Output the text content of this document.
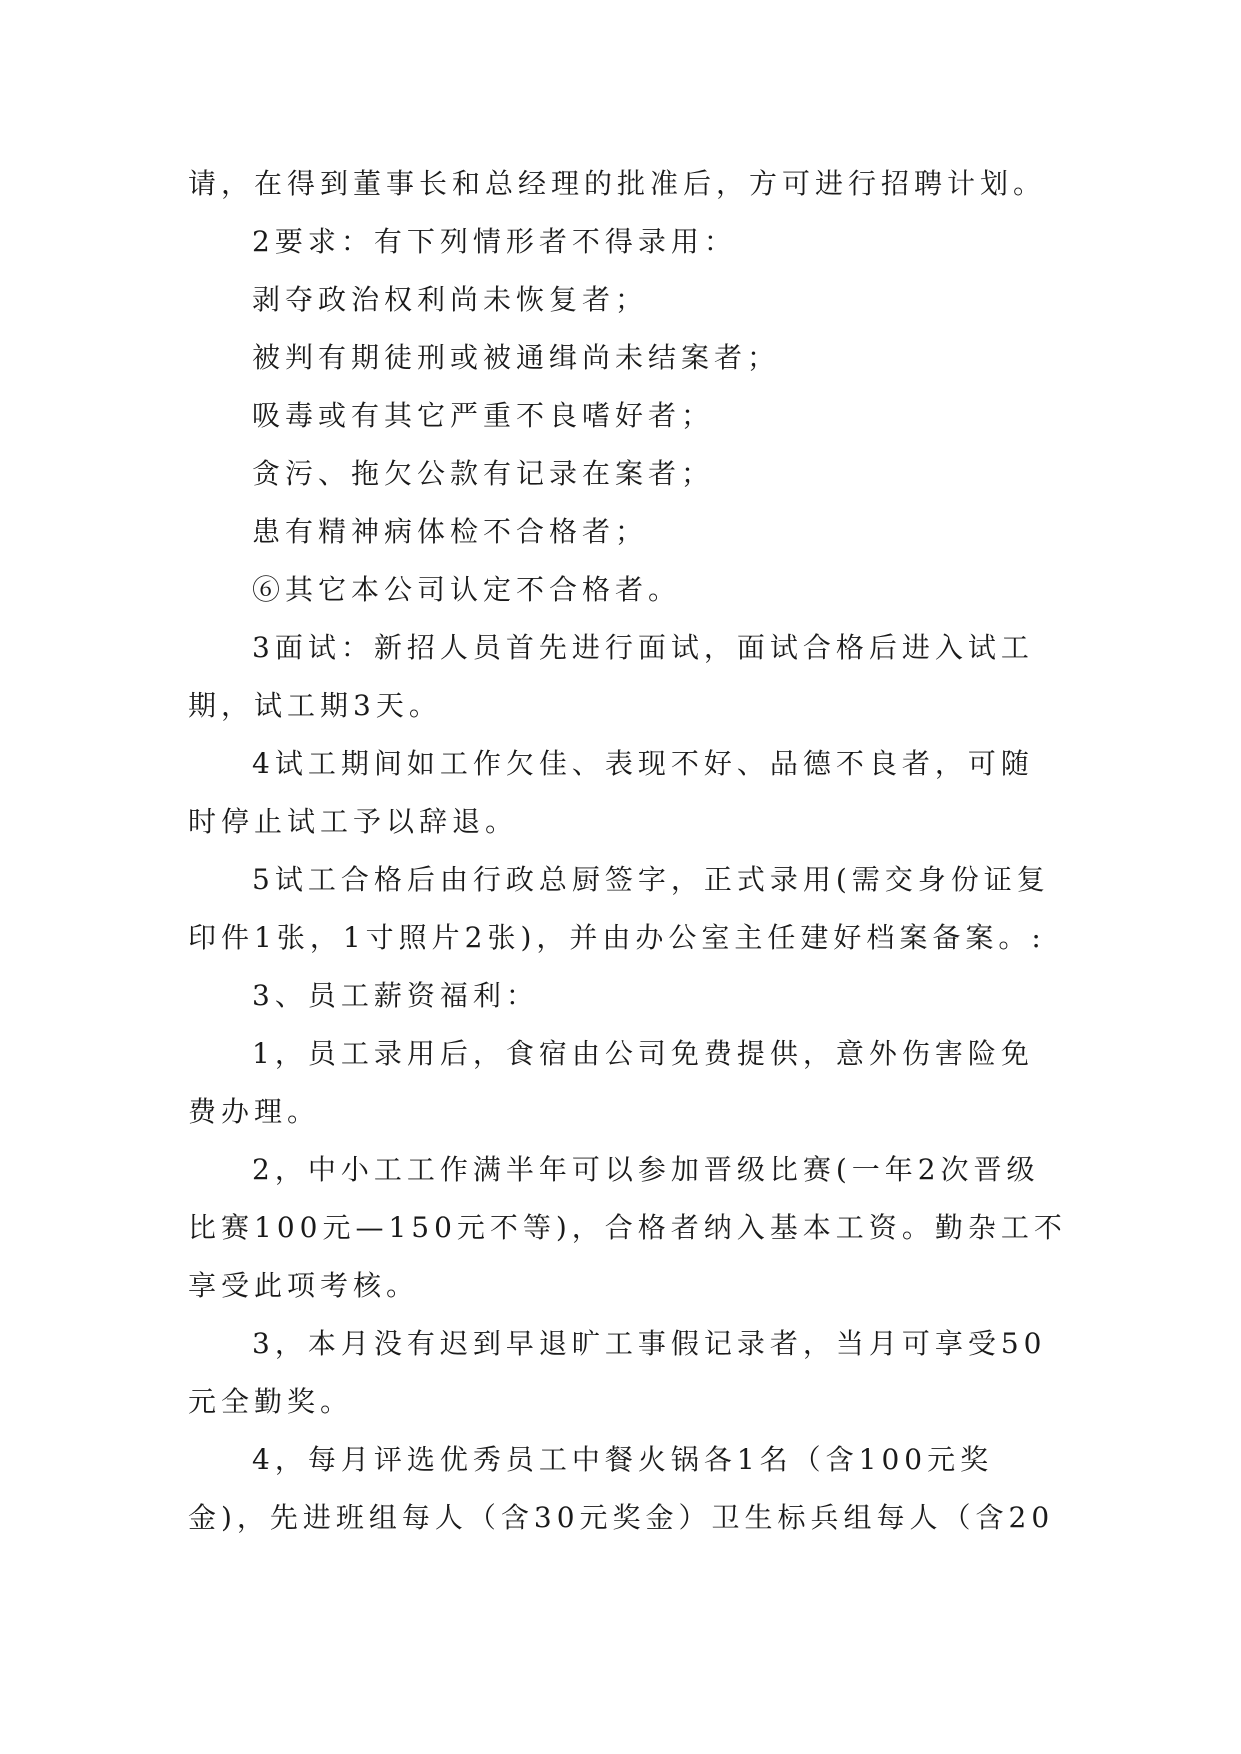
请，在得到董事长和总经理的批准后，方可进行招聘计划。
2要求：有下列情形者不得录用：
剥夺政治权利尚未恢复者；
被判有期徒刑或被通缉尚未结案者；
吸毒或有其它严重不良嗜好者；
贪污、拖欠公款有记录在案者；
患有精神病体检不合格者；
⑥其它本公司认定不合格者。
3面试：新招人员首先进行面试，面试合格后进入试工
期，试工期3天。
4试工期间如工作欠佳、表现不好、品德不良者，可随
时停止试工予以辞退。
5试工合格后由行政总厨签字，正式录用(需交身份证复
印件1张，1寸照片2张)，并由办公室主任建好档案备案。:
3、员工薪资福利：
1，员工录用后，食宿由公司免费提供，意外伤害险免
费办理。
2，中小工工作满半年可以参加晋级比赛(一年2次晋级
比赛100元—150元不等)，合格者纳入基本工资。勤杂工不
享受此项考核。
3，本月没有迟到早退旷工事假记录者，当月可享受50
元全勤奖。
4，每月评选优秀员工中餐火锅各1名（含100元奖
金)，先进班组每人（含30元奖金）卫生标兵组每人（含20
